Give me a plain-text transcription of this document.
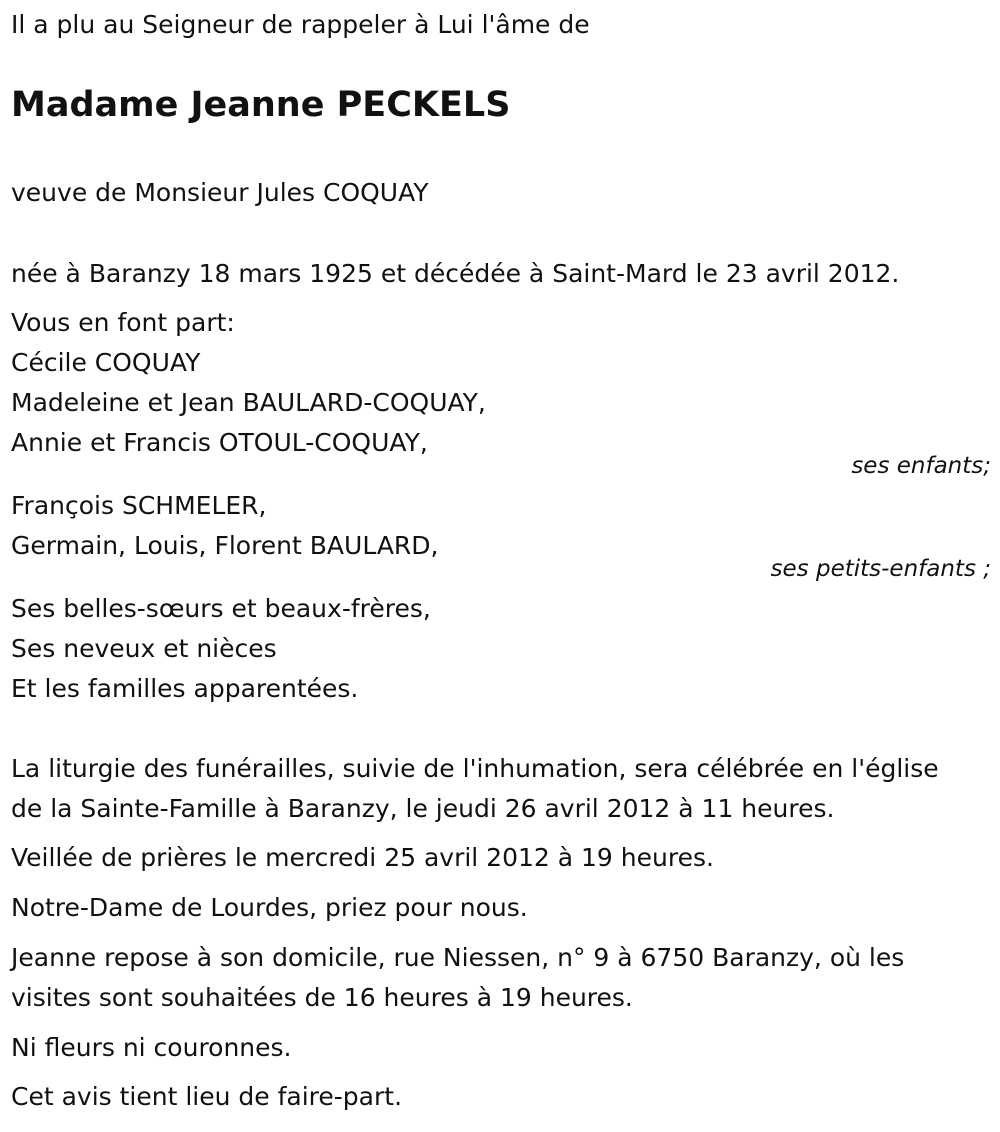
Il a plu au Seigneur de rappeler à Lui l'âme de
Madame Jeanne PECKELS
veuve de Monsieur Jules COQUAY
née à Baranzy 18 mars 1925 et décédée à Saint-Mard le 23 avril 2012.
Vous en font part:
Cécile COQUAY
Madeleine et Jean BAULARD-COQUAY,
Annie et Francis OTOUL-COQUAY,
ses enfants;
François SCHMELER,
Germain, Louis, Florent BAULARD,
ses petits-enfants ;
Ses belles-sœurs et beaux-frères,
Ses neveux et nièces
Et les familles apparentées.
La liturgie des funérailles, suivie de l'inhumation, sera célébrée en l'église
de la Sainte-Famille à Baranzy, le jeudi 26 avril 2012 à 11 heures.
Veillée de prières le mercredi 25 avril 2012 à 19 heures.
Notre-Dame de Lourdes, priez pour nous.
Jeanne repose à son domicile, rue Niessen, n° 9 à 6750 Baranzy, où les
visites sont souhaitées de 16 heures à 19 heures.
Ni fleurs ni couronnes.
Cet avis tient lieu de faire-part.
